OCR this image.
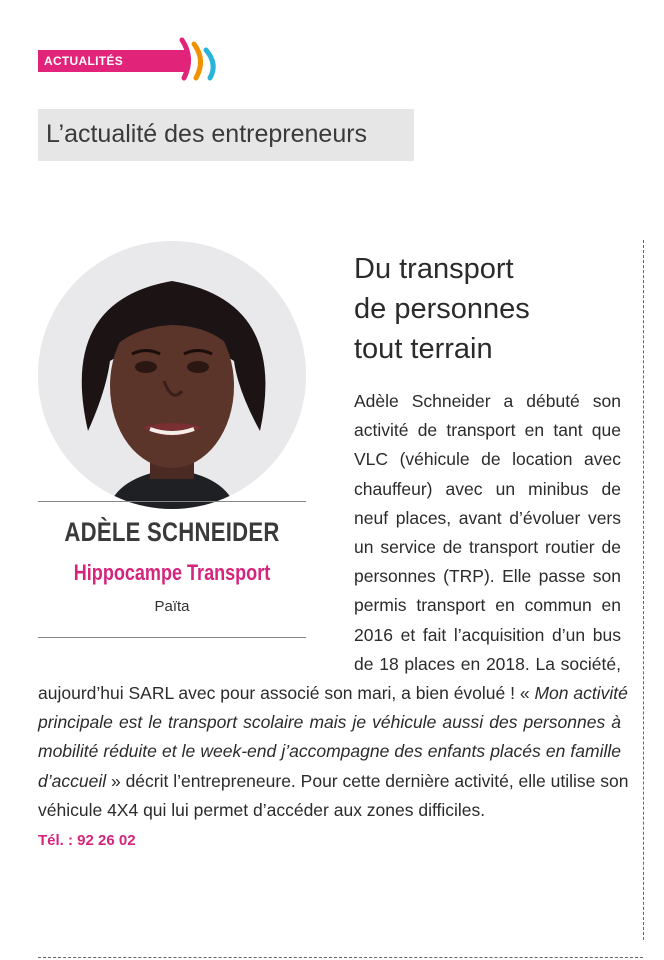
ACTUALITÉS
L’actualité des entrepreneurs
ADÈLE SCHNEIDER
Hippocampe Transport
Païta
Du transport
de personnes
tout terrain
Adèle Schneider a débuté son
activité de transport en tant que
VLC (véhicule de location avec
chauffeur) avec un minibus de
neuf places, avant d’évoluer vers
un service de transport routier de
personnes (TRP). Elle passe son
permis transport en commun en
2016 et fait l’acquisition d’un bus
de 18 places en 2018. La société,
aujourd’hui SARL avec pour associé son mari, a bien évolué ! « Mon activité
principale est le transport scolaire mais je véhicule aussi des personnes à
mobilité réduite et le week-end j’accompagne des enfants placés en famille
d’accueil » décrit l’entrepreneure. Pour cette dernière activité, elle utilise son
véhicule 4X4 qui lui permet d’accéder aux zones difficiles.
Tél. : 92 26 02
